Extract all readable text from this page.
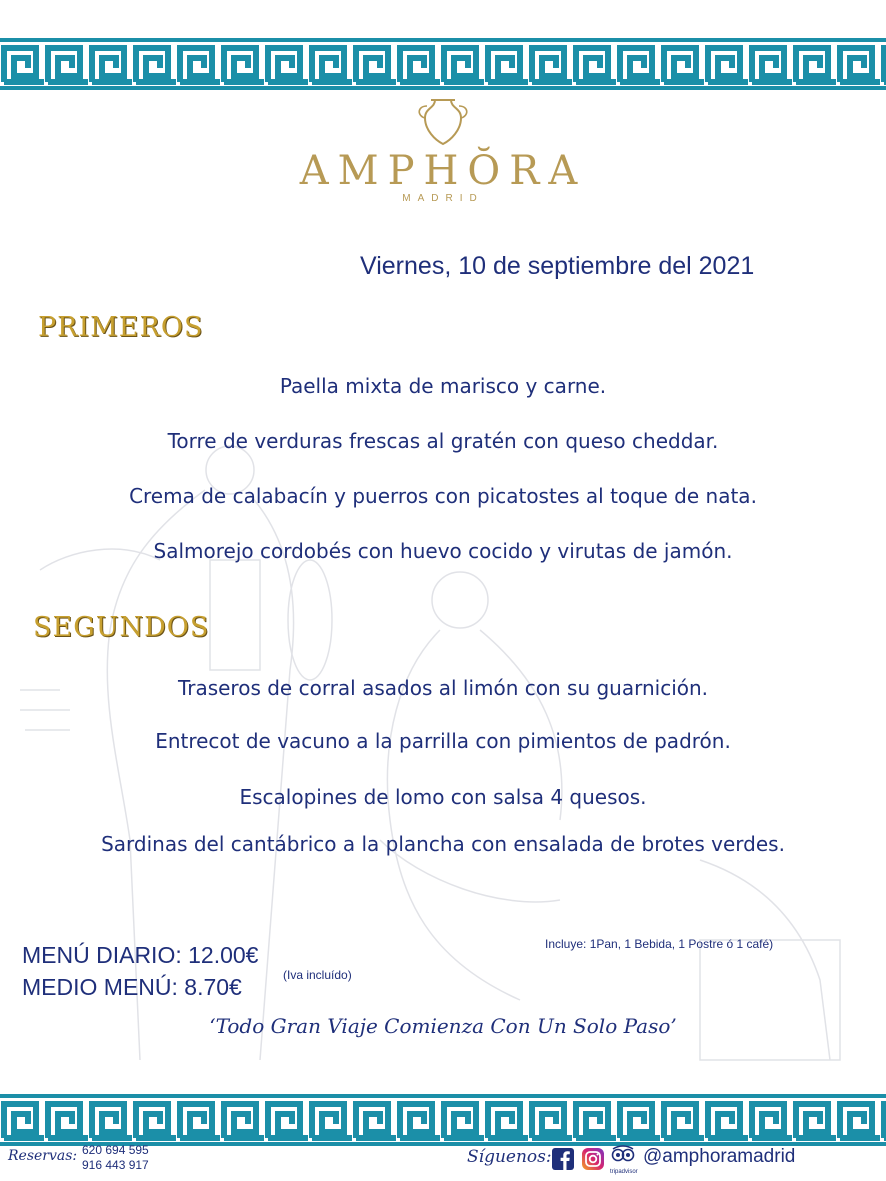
AMPHŎRA
MADRID
Viernes, 10 de septiembre del 2021
PRIMEROS
Paella mixta de marisco y carne.
Torre de verduras frescas al gratén con queso cheddar.
Crema de calabacín y puerros con picatostes al toque de nata.
Salmorejo cordobés con huevo cocido y virutas de jamón.
SEGUNDOS
Traseros de corral asados al limón con su guarnición.
Entrecot de vacuno a la parrilla con pimientos de padrón.
Escalopines de lomo con salsa 4 quesos.
Sardinas del cantábrico a la plancha con ensalada de brotes verdes.
MENÚ DIARIO: 12.00€
MEDIO MENÚ: 8.70€	(Iva incluído)
Incluye: 1Pan, 1 Bebida, 1 Postre ó 1 café)
‘Todo Gran Viaje Comienza Con Un Solo Paso’
Reservas: 620 694 595
916 443 917	Síguenos:
tripadvisor
@amphoramadrid
